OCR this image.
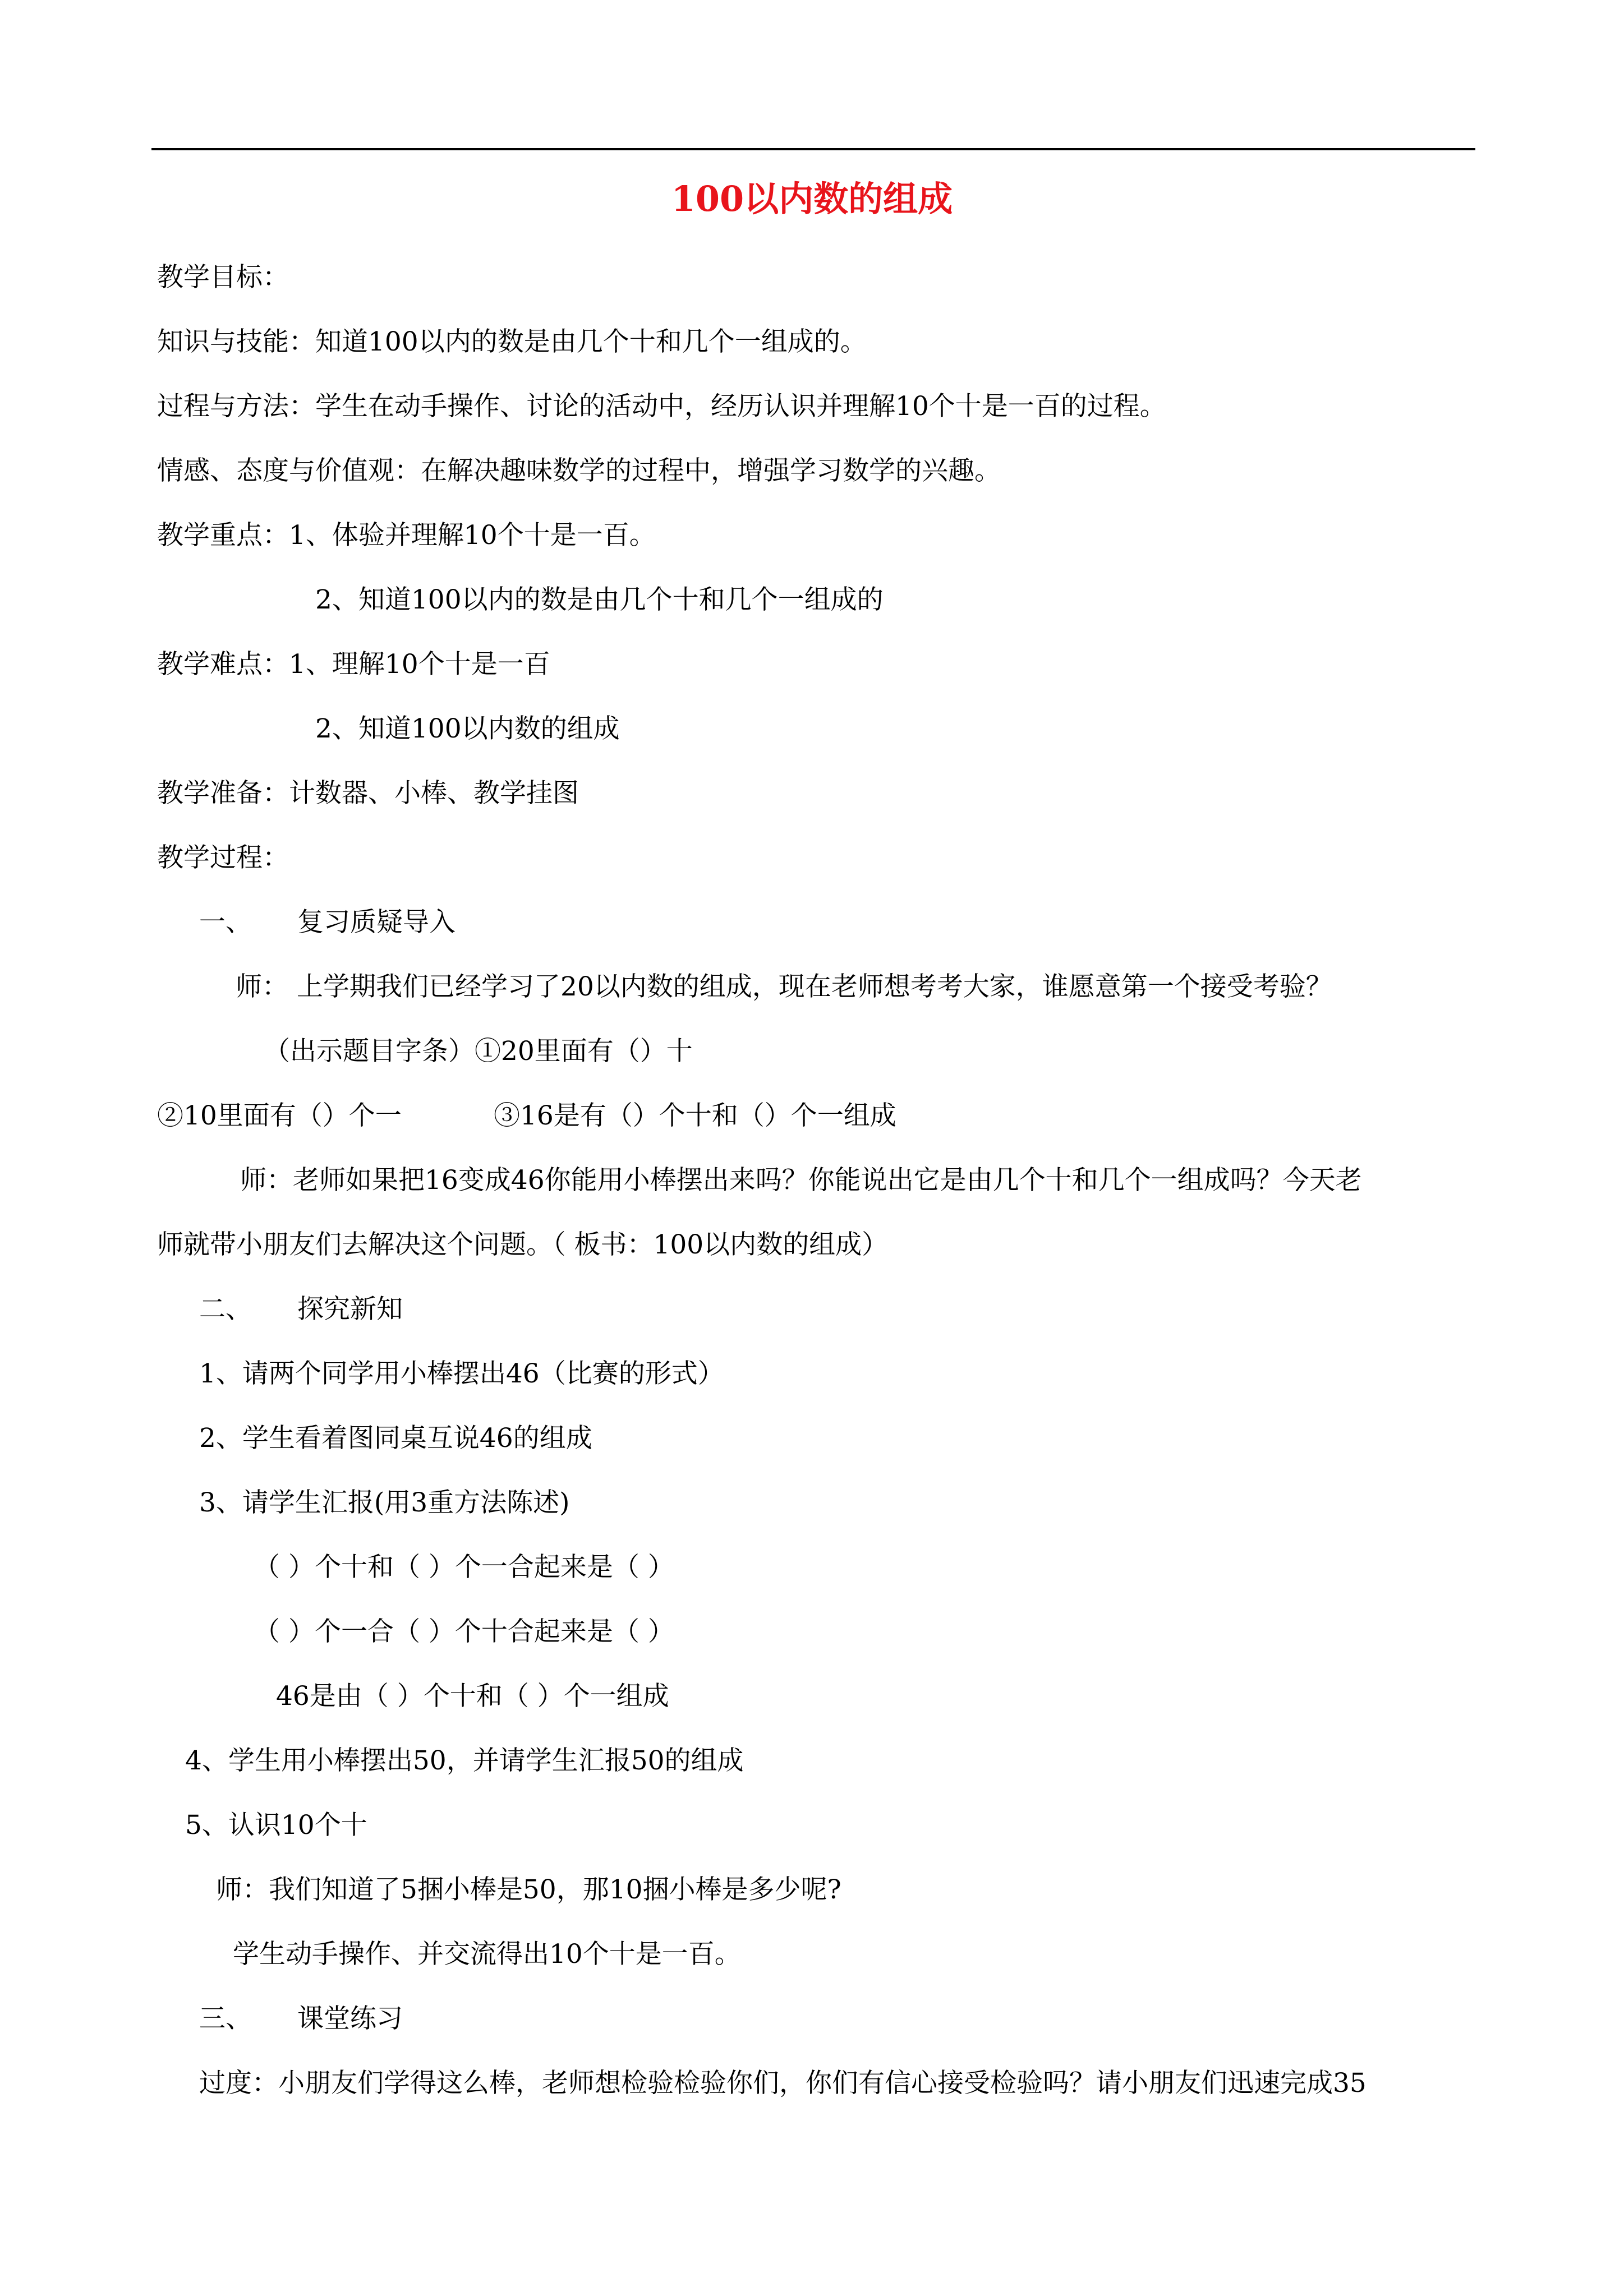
100以内数的组成
教学目标：
知识与技能：知道100以内的数是由几个十和几个一组成的。
过程与方法：学生在动手操作、讨论的活动中，经历认识并理解10个十是一百的过程。
情感、态度与价值观：在解决趣味数学的过程中，增强学习数学的兴趣。
教学重点：1、体验并理解10个十是一百。
2、知道100以内的数是由几个十和几个一组成的
教学难点：1、理解10个十是一百
2、知道100以内数的组成
教学准备：计数器、小棒、教学挂图
教学过程：
一、 复习质疑导入
师： 上学期我们已经学习了20以内数的组成，现在老师想考考大家，谁愿意第一个接受考验？
（出示题目字条）①20里面有（）十
②10里面有（）个一	③16是有（）个十和（）个一组成
师：老师如果把16变成46你能用小棒摆出来吗？你能说出它是由几个十和几个一组成吗？今天老
师就带小朋友们去解决这个问题。（ 板书：100以内数的组成）
二、 探究新知
1、请两个同学用小棒摆出46（比赛的形式）
2、学生看着图同桌互说46的组成
3、请学生汇报(用3重方法陈述)
（ ）个十和（ ）个一合起来是（ ）
（ ）个一合（ ）个十合起来是（ ）
46是由（ ）个十和（ ）个一组成
4、学生用小棒摆出50，并请学生汇报50的组成
5、认识10个十
师：我们知道了5捆小棒是50，那10捆小棒是多少呢?
学生动手操作、并交流得出10个十是一百。
三、 课堂练习
过度：小朋友们学得这么棒，老师想检验检验你们，你们有信心接受检验吗？请小朋友们迅速完成35
